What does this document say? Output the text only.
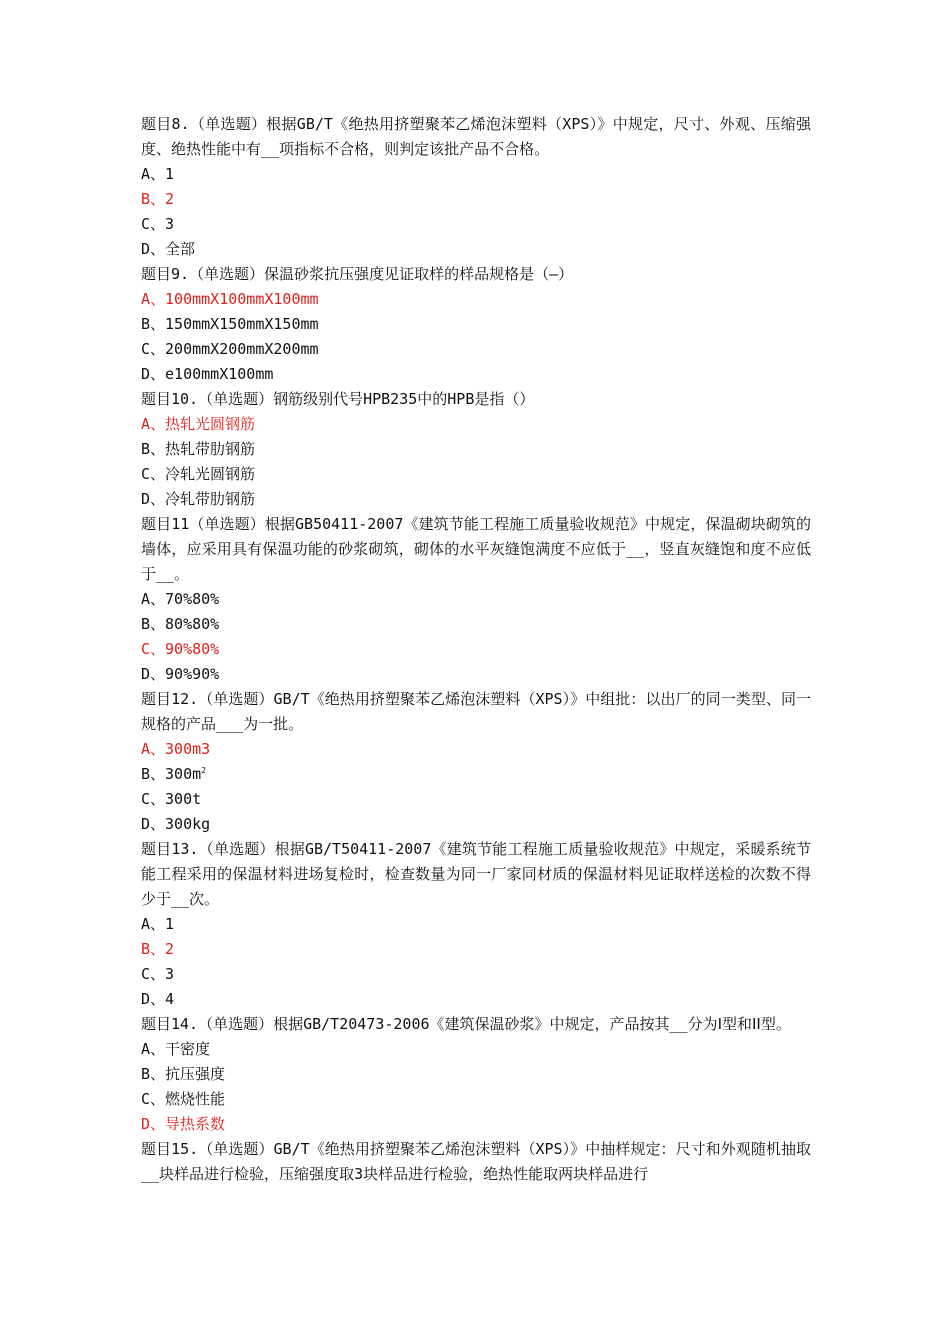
题目8.（单选题）根据GB/T《绝热用挤塑聚苯乙烯泡沫塑料（XPS）》中规定，尺寸、外观、压缩强度、绝热性能中有__项指标不合格，则判定该批产品不合格。

A、1

B、2

C、3

D、全部

题目9.（单选题）保温砂浆抗压强度见证取样的样品规格是（—）

A、100mmX100mmX100mm

B、150mmX150mmX150mm

C、200mmX200mmX200mm

D、e100mmX100mm

题目10.（单选题）钢筋级别代号HPB235中的HPB是指（）

A、热轧光圆钢筋

B、热轧带肋钢筋

C、冷轧光圆钢筋

D、冷轧带肋钢筋

题目11（单选题）根据GB50411-2007《建筑节能工程施工质量验收规范》中规定，保温砌块砌筑的墙体，应采用具有保温功能的砂浆砌筑，砌体的水平灰缝饱满度不应低于__，竖直灰缝饱和度不应低于__。

A、70%80%

B、80%80%

C、90%80%

D、90%90%

题目12.（单选题）GB/T《绝热用挤塑聚苯乙烯泡沫塑料（XPS）》中组批：以出厂的同一类型、同一规格的产品___为一批。

A、300m3

B、$300m^2$

C、300t

D、300kg

题目13.（单选题）根据GB/T50411-2007《建筑节能工程施工质量验收规范》中规定，采暖系统节能工程采用的保温材料进场复检时，检查数量为同一厂家同材质的保温材料见证取样送检的次数不得少于__次。

A、1

B、2

C、3

D、4

题目14.（单选题）根据GB/T20473-2006《建筑保温砂浆》中规定，产品按其__分为Ⅰ型和ⅠⅠ型。

A、干密度

B、抗压强度

C、燃烧性能

D、导热系数

题目15.（单选题）GB/T《绝热用挤塑聚苯乙烯泡沫塑料（XPS）》中抽样规定：尺寸和外观随机抽取__块样品进行检验，压缩强度取3块样品进行检验，绝热性能取两块样品进行
